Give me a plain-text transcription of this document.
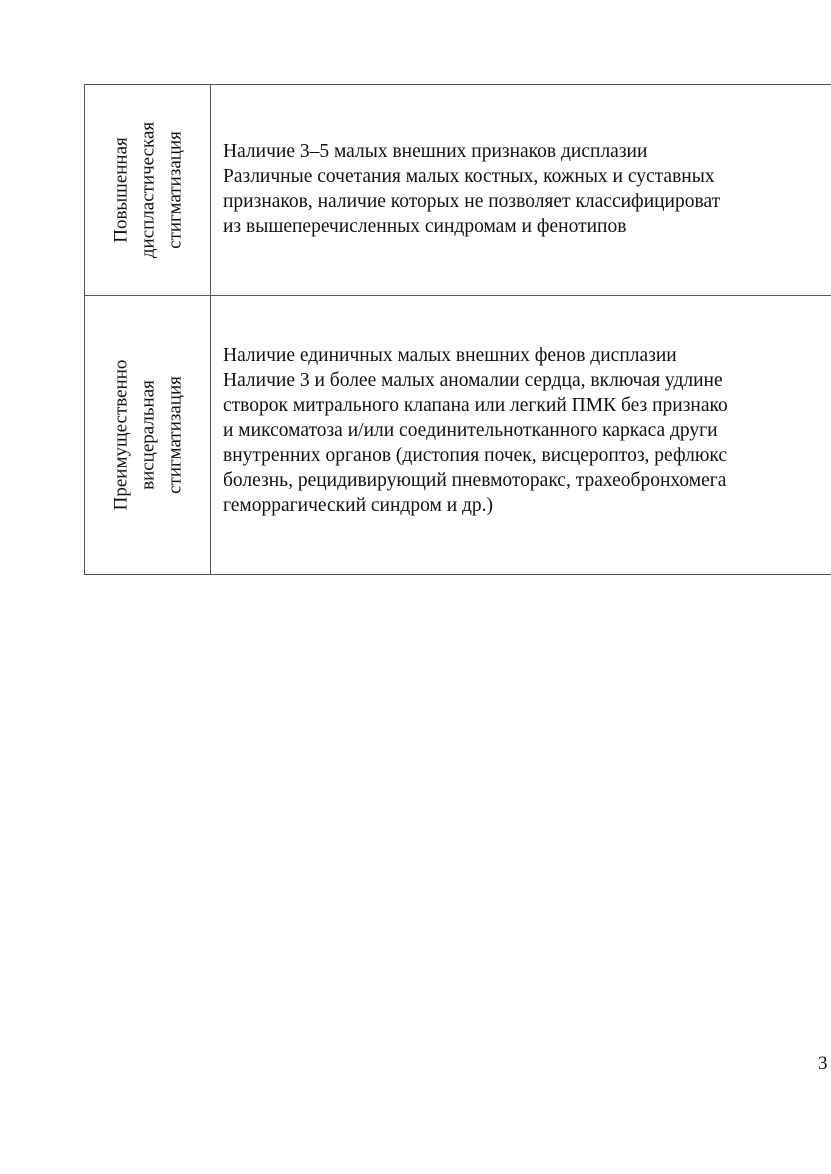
Повышенная диспластическая стигматизация Наличие 3–5 малых внешних признаков дисплазии
Различные сочетания малых костных, кожных и суставных
признаков, наличие которых не позволяет классифицироват
из вышеперечисленных синдромам и фенотипов
Преимущественно висцеральная стигматизация
Наличие единичных малых внешних фенов дисплазии
Наличие 3 и более малых аномалии сердца, включая удлине
створок митрального клапана или легкий ПМК без признако
и миксоматоза и/или соединительнотканного каркаса други
внутренних органов (дистопия почек, висцероптоз, рефлюкс
болезнь, рецидивирующий пневмоторакс, трахеобронхомега
геморрагический синдром и др.)
3
